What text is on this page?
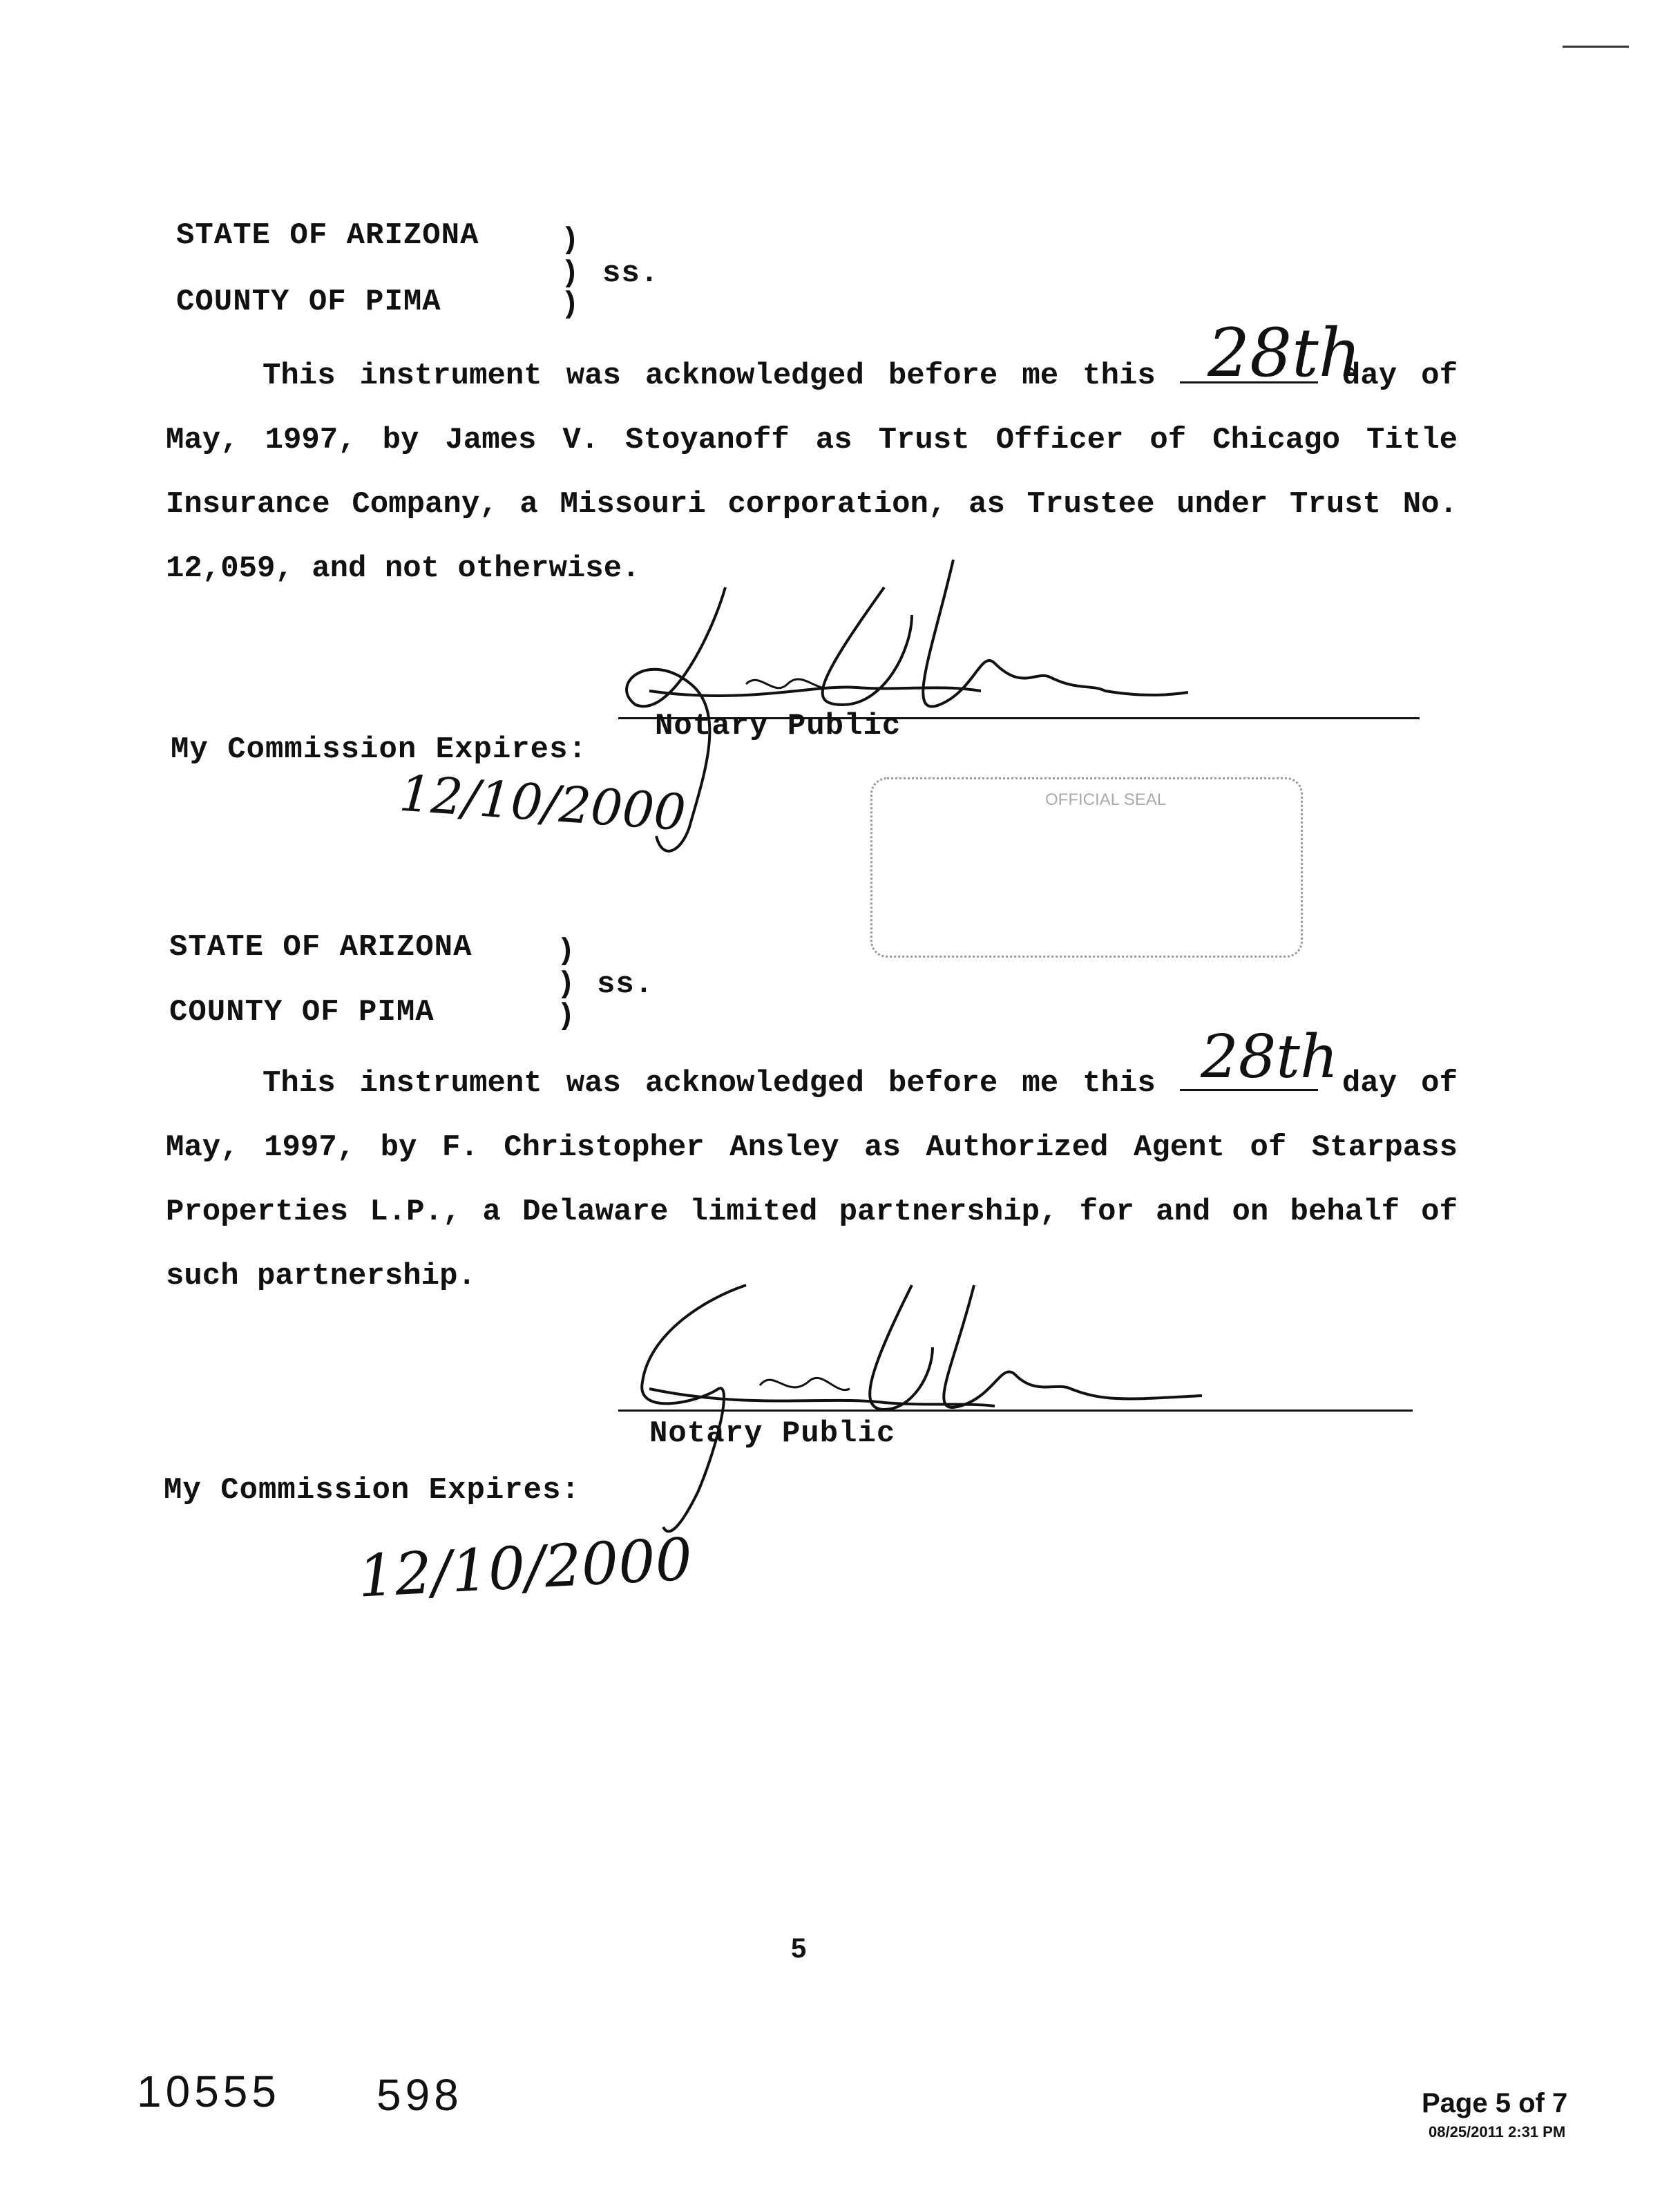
STATE OF ARIZONA	)
) ss.
)
COUNTY OF PIMA
This instrument was acknowledged before me this	day of May, 1997, by James V. Stoyanoff as Trust Officer of Chicago Title Insurance Company, a Missouri corporation, as Trustee under Trust No. 12,059, and not otherwise.
28th
Notary Public
My Commission Expires:
12/10/2000	OFFICIAL SEAL
STATE OF ARIZONA	)
) ss.
)
COUNTY OF PIMA
This instrument was acknowledged before me this	day of May, 1997, by F. Christopher Ansley as Authorized Agent of Starpass Properties L.P., a Delaware limited partnership, for and on behalf of such partnership.
28th
Notary Public
My Commission Expires:
12/10/2000
5
10555 598	Page 5 of 7
08/25/2011 2:31 PM
